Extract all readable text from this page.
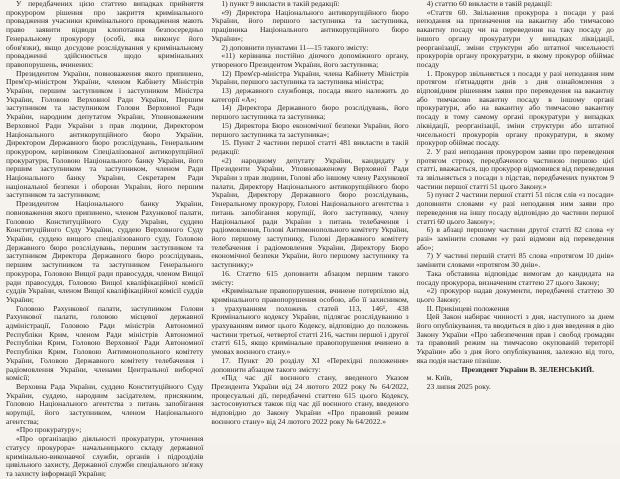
У передбачених цією статтею випадках прийняття прокурором рішення про закриття кримінального провадження учасники кримінального провадження мають право заявити відводи клопотання безпосередньо Генеральному прокурору (особі, яка виконує його обов'язки), якщо досудове розслідування у кримінальному провадженні здійснюється щодо кримінальних правопорушень, вчинених:

Президентом України, повноваження якого припинено, Прем'єр-міністром України, членом Кабінету Міністрів України, першим заступником і заступником Міністра України, Головою Верховної Ради України, Першим заступником та заступником Голови Верховної Ради України, народним депутатом України, Уповноваженим Верховної Ради України з прав людини, Директором Національного антикорупційного бюро України, Директором Державного бюро розслідувань, Генеральним прокурором, керівником Спеціалізованої антикорупційної прокуратури, Головою Національного банку України, його першим заступником та заступником, членом Ради Національного банку України, Секретарем Ради національної безпеки і оборони України, його першим заступником та заступником;

Президентом Національного банку України, повноваження якого припинено, членом Рахункової палати, Головою Конституційного Суду України, суддею Конституційного Суду України, суддею Верховного Суду України, суддею вищого спеціалізованого суду, Головою Державного бюро розслідувань, першим заступником та заступником Директора Державного бюро розслідувань, першим заступником та заступником Генерального прокурора, Головою Вищої ради правосуддя, членом Вищої ради правосуддя, Головою Вищої кваліфікаційної комісії суддів України, членом Вищої кваліфікаційної комісії суддів України;

Головою Рахункової палати, заступником Голови Рахункової палати, головою місцевої державної адміністрації, Головою Ради міністрів Автономної Республіки Крим, членом Ради міністрів Автономної Республіки Крим, Головою Верховної Ради Автономної Республіки Крим, Головою Антимонопольного комітету України, Головою Державного комітету телебачення і радіомовлення України, членами Центральної виборчої комісії;

Верховна Рада України, суддею Конституційного Суду України, суддею, народним засідателем, присяжним, Головою Національного агентства з питань запобігання корупції, його заступником, членом Національного агентства;

«Про прокуратуру»;

«Про організацію діяльності прокуратури, уточнення статусу прокурора» начальницького складу державної кримінально-виконавчої служби, органів і підрозділів цивільного захисту, Державної служби спеціального зв'язку та захисту інформації України;

1) пункт 9 викласти в такій редакції:

«9) Директора Національного антикорупційного бюро України, його першого заступника та заступника, працівника Національного антикорупційного бюро України»;

2) доповнити пунктами 11—15 такого змісту:

«11) керівника постійно діючого допоміжного органу, утвореного Президентом України, його заступника;

12) Прем'єр-міністра України, члена Кабінету Міністрів України, першого заступника та заступника міністра;

13) державного службовця, посада якого належить до категорії «А»;

14) Директора Державного бюро розслідувань, його першого заступника та заступника;

15) Директора Бюро економічної безпеки України, його першого заступника та заступника»;

15. Пункт 2 частини першої статті 481 викласти в такій редакції:

«2) народному депутату України, кандидату у Президенти України, Уповноваженому Верховної Ради України з прав людини, Голові або іншому члену Рахункової палати, Директору Національного антикорупційного бюро України, Директору Державного бюро розслідувань, Генеральному прокурору, Голові Національного агентства з питань запобігання корупції, його заступнику, члену Національної ради України з питань телебачення і радіомовлення, Голові Антимонопольного комітету України, його першому заступнику, Голові Державного комітету телебачення і радіомовлення України, Директору Бюро економічної безпеки України, його першому заступнику та заступнику;»

16. Статтю 615 доповнити абзацом першим такого змісту:

«Кримінальне правопорушення, вчинене потерпілою від кримінального правопорушення особою, або її захисником, з урахуванням положень статей 113, 146¹, 438 Кримінального кодексу України, підлягає розслідуванню з урахуванням вимог цього Кодексу, відповідно до положень частини третьої, четвертої статті 216, частин першої і другої статті 615, якщо кримінальне правопорушення вчинено в умовах воєнного стану.»

17. Пункт 20 розділу XI «Перехідні положення» доповнити абзацом такого змісту:

«Під час дії воєнного стану, введеного Указом Президента України від 24 лютого 2022 року № 64/2022, процесуальні дії, передбачені статтею 615 цього Кодексу, застосовуються також під час дії воєнного стану, введеного відповідно до Закону України «Про правовий режим воєнного стану» від 24 лютого 2022 року № 64/2022.»

4) статтю 60 викласти в такій редакції:

«Стаття 60. Звільнення прокурора з посади у разі неподання на призначення на вакантну або тимчасово вакантну посаду чи на переведення на таку посаду до іншого органу прокуратури у випадках ліквідації, реорганізації, зміни структури або штатної чисельності прокурорів органу прокуратури, в якому прокурор обіймає посаду

1. Прокурор звільняється з посади у разі неподання ним протягом п'ятнадцяти днів з дня ознайомлення з відповідним рішенням заяви про переведення на вакантну або тимчасово вакантну посаду в іншому органі прокуратури, або на вакантну або тимчасово вакантну посаду в тому самому органі прокуратури у випадках ліквідації, реорганізації, зміни структури або штатної чисельності прокурорів органу прокуратури, в якому прокурор обіймає посаду.

2. У разі неподання прокурором заяви про переведення протягом строку, передбаченого частиною першою цієї статті, вважається, що прокурор відмовився від переведення та звільняється з посади з підстав, передбачених пунктом 9 частини першої статті 51 цього Закону.»

5) пункт 2 частини першої статті 51 після слів «з посади» доповнити словами «у разі неподання ним заяви про переведення на іншу посаду відповідно до частини першої статті 60 цього Закону»;

6) в абзаці першому частини другої статті 82 слова «у разі» замінити словами «у разі відмови від переведення або»;

7) У частині першій статті 85 слова «протягом 10 днів» замінити словами «протягом 30 днів».

Така обставина відповідає вимогам до кандидата на посаду прокурора, визначеним статтею 27 цього Закону;

«2) прокурор надав документи, передбачені статтею 30 цього Закону;

II. Прикінцеві положення

Цей Закон набирає чинності з дня, наступного за днем його опублікування, та вводиться в дію з дня введення в дію Закону України «Про забезпечення прав і свобод громадян та правовий режим на тимчасово окупованій території України» або з дня його опублікування, залежно від того, яка подія настане пізніше.

Президент України В. ЗЕЛЕНСЬКИЙ.

м. Київ,

23 липня 2025 року.
